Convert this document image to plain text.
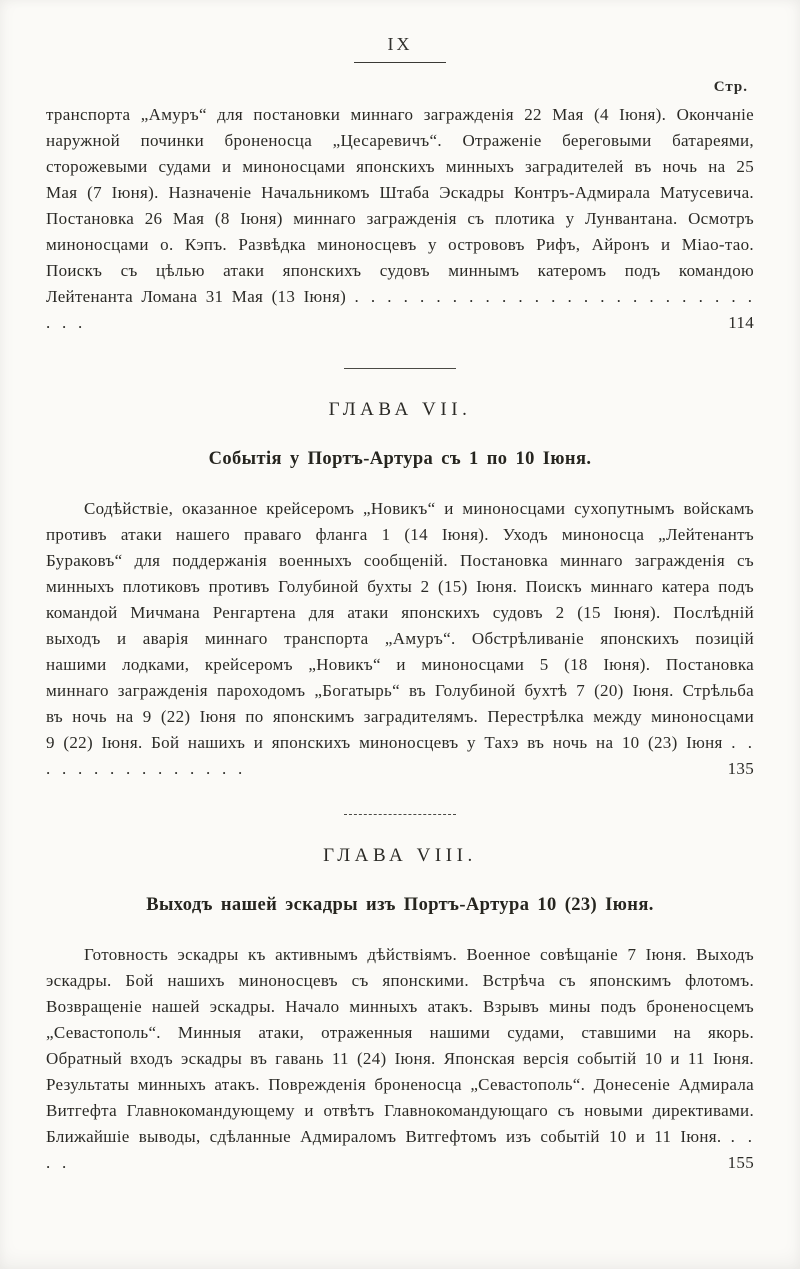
IX
Стр.

транспорта „Амуръ“ для постановки миннаго загражденія 22 Мая (4 Іюня). Окончаніе наружной починки броненосца „Цесаревичъ“. Отраженіе береговыми батареями, сторожевыми судами и миноносцами японскихъ минныхъ заградителей въ ночь на 25 Мая (7 Іюня). Назначеніе Начальникомъ Штаба Эскадры Контръ-Адмирала Матусевича. Постановка 26 Мая (8 Іюня) миннаго загражденія съ плотика у Лунвантана. Осмотръ миноносцами о. Кэпъ. Развѣдка миноносцевъ у острововъ Рифъ, Айронъ и Міао-тао. Поискъ съ цѣлью атаки японскихъ судовъ миннымъ катеромъ подъ командою Лейтенанта Ломана 31 Мая (13 Іюня) . . . . . . . . . . . . . . . . . . . . . . . . . . . .	114

ГЛАВА VII.
Событія у Портъ-Артура съ 1 по 10 Іюня.

Содѣйствіе, оказанное крейсеромъ „Новикъ“ и миноносцами сухопутнымъ войскамъ противъ атаки нашего праваго фланга 1 (14 Іюня). Уходъ миноносца „Лейтенантъ Бураковъ“ для поддержанія военныхъ сообщеній. Постановка миннаго загражденія съ минныхъ плотиковъ противъ Голубиной бухты 2 (15) Іюня. Поискъ миннаго катера подъ командой Мичмана Ренгартена для атаки японскихъ судовъ 2 (15 Іюня). Послѣдній выходъ и аварія миннаго транспорта „Амуръ“. Обстрѣливаніе японскихъ позицій нашими лодками, крейсеромъ „Новикъ“ и миноносцами 5 (18 Іюня). Постановка миннаго загражденія пароходомъ „Богатырь“ въ Голубиной бухтѣ 7 (20) Іюня. Стрѣльба въ ночь на 9 (22) Іюня по японскимъ заградителямъ. Перестрѣлка между миноносцами 9 (22) Іюня. Бой нашихъ и японскихъ миноносцевъ у Тахэ въ ночь на 10 (23) Іюня . . . . . . . . . . . . . . .	135

ГЛАВА VIII.
Выходъ нашей эскадры изъ Портъ-Артура 10 (23) Іюня.

Готовность эскадры къ активнымъ дѣйствіямъ. Военное совѣщаніе 7 Іюня. Выходъ эскадры. Бой нашихъ миноносцевъ съ японскими. Встрѣча съ японскимъ флотомъ. Возвращеніе нашей эскадры. Начало минныхъ атакъ. Взрывъ мины подъ броненосцемъ „Севастополь“. Минныя атаки, отраженныя нашими судами, ставшими на якорь. Обратный входъ эскадры въ гавань 11 (24) Іюня. Японская версія событій 10 и 11 Іюня. Результаты минныхъ атакъ. Поврежденія броненосца „Севастополь“. Донесеніе Адмирала Витгефта Главнокомандующему и отвѣтъ Главнокомандующаго съ новыми директивами. Ближайшіе выводы, сдѣланные Адмираломъ Витгефтомъ изъ событій 10 и 11 Іюня. . . . .	155
